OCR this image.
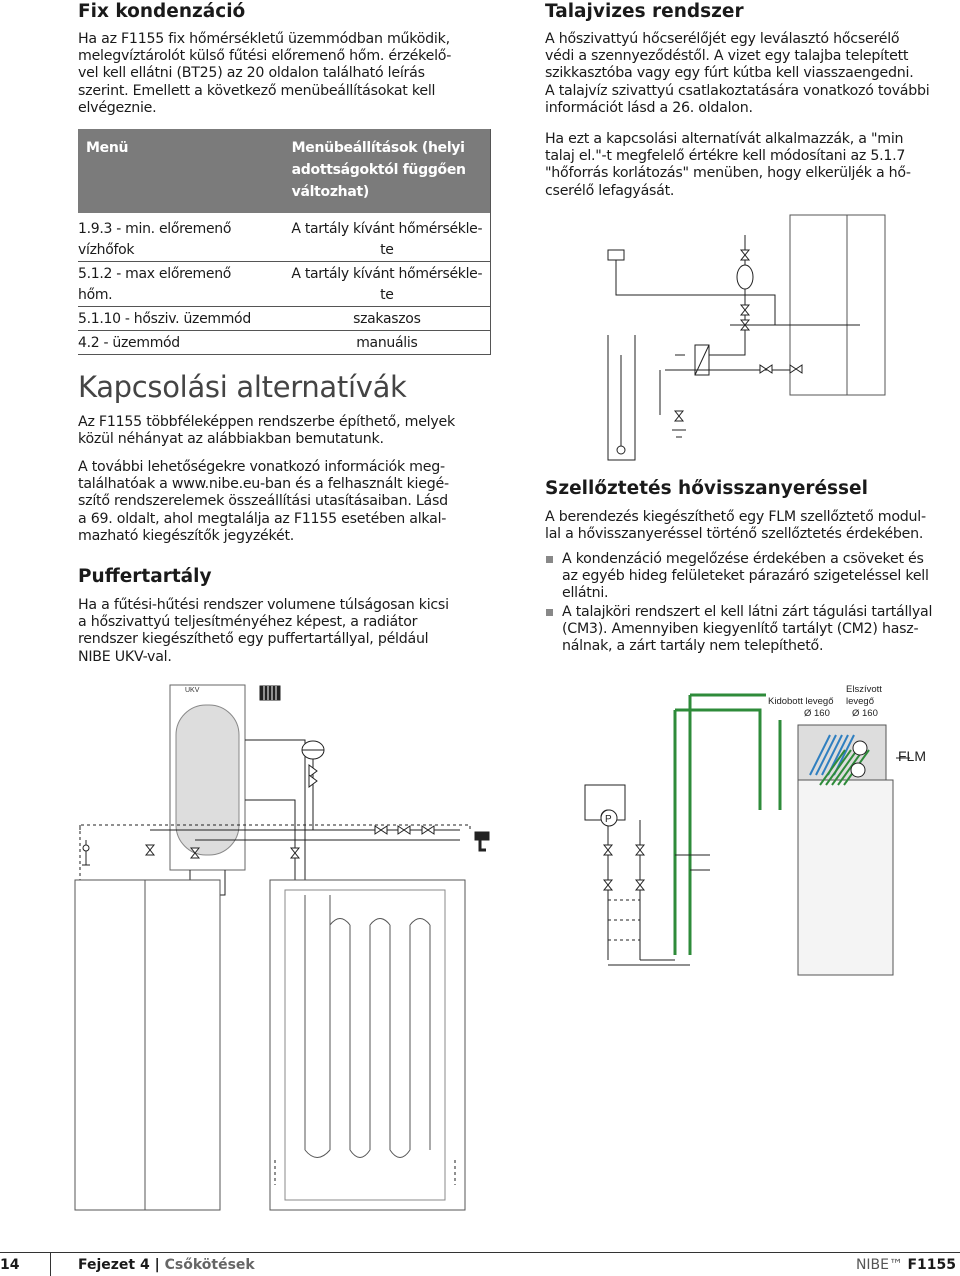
Fix kondenzáció

Ha az F1155 fix hőmérsékletű üzemmódban működik,
melegvíztárolót külső fűtési előremenő hőm. érzékelő-
vel kell ellátni (BT25) az 20 oldalon található leírás
szerint. Emellett a következő menübeállításokat kell
elvégeznie.

Menü	Menübeállítások (helyi
adottságoktól függően
változhat)
1.9.3 - min. előremenő
vízhőfok	A tartály kívánt hőmérsékle-
te
5.1.2 - max előremenő
hőm.	A tartály kívánt hőmérsékle-
te
5.1.10 - hősziv. üzemmód	szakaszos
4.2 - üzemmód	manuális
Kapcsolási alternatívák

Az F1155 többféleképpen rendszerbe építhető, melyek
közül néhányat az alábbiakban bemutatunk.

A további lehetőségekre vonatkozó információk meg-
találhatóak a www.nibe.eu-ban és a felhasznált kiegé-
szítő rendszerelemek összeállítási utasításaiban. Lásd
a 69. oldalt, ahol megtalálja az F1155 esetében alkal-
mazható kiegészítők jegyzékét.

Puffertartály

Ha a fűtési-hűtési rendszer volumene túlságosan kicsi
a hőszivattyú teljesítményéhez képest, a radiátor
rendszer kiegészíthető egy puffertartállyal, például
NIBE UKV-val.

UKV
Talajvizes rendszer

A hőszivattyú hőcserélőjét egy leválasztó hőcserélő
védi a szennyeződéstől. A vizet egy talajba telepített
szikkasztóba vagy egy fúrt kútba kell viasszaengedni.
A talajvíz szivattyú csatlakoztatására vonatkozó további
információt lásd a 26. oldalon.

Ha ezt a kapcsolási alternatívát alkalmazzák, a "min
talaj el."-t megfelelő értékre kell módosítani az 5.1.7
"hőforrás korlátozás" menüben, hogy elkerüljék a hő-
cserélő lefagyását.

Szellőztetés hővisszanyeréssel

A berendezés kiegészíthető egy FLM szellőztető modul-
lal a hővisszanyeréssel történő szellőztetés érdekében.

A kondenzáció megelőzése érdekében a csöveket és
az egyéb hideg felületeket párazáró szigeteléssel kell
ellátni.
A talajköri rendszert el kell látni zárt tágulási tartállyal
(CM3). Amennyiben kiegyenlítő tartályt (CM2) hasz-
nálnak, a zárt tartály nem telepíthető.
P
Kidobott levegő
Ø 160
Elszívott
levegő
Ø 160
FLM
14	Fejezet 4 | Csőkötések	NIBE™ F1155
